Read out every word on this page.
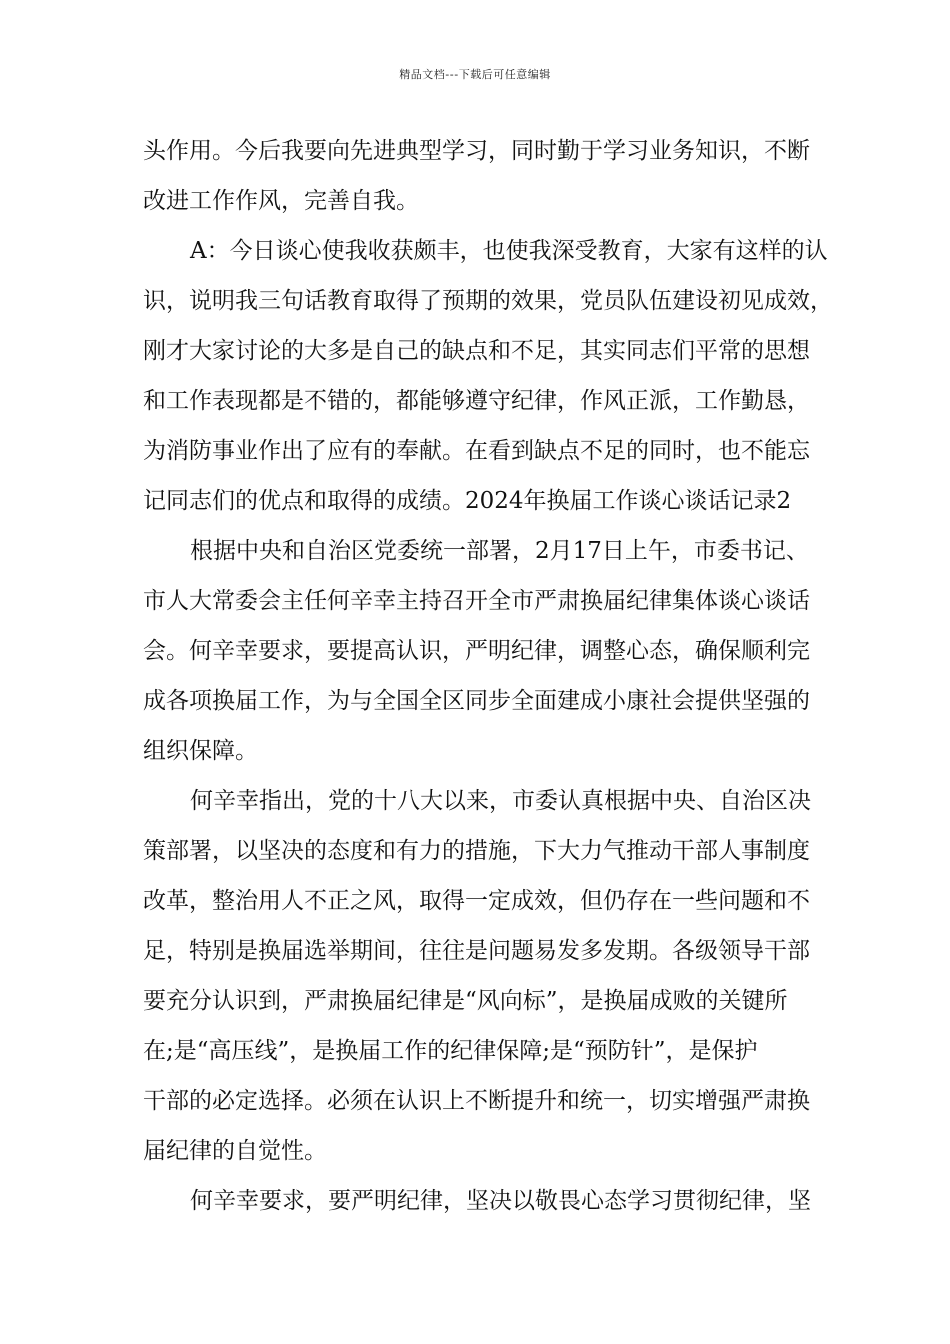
精品文档---下载后可任意编辑
头作用。今后我要向先进典型学习，同时勤于学习业务知识，不断
改进工作作风，完善自我。
A：今日谈心使我收获颇丰，也使我深受教育，大家有这样的认
识，说明我三句话教育取得了预期的效果，党员队伍建设初见成效，
刚才大家讨论的大多是自己的缺点和不足，其实同志们平常的思想
和工作表现都是不错的，都能够遵守纪律，作风正派，工作勤恳，
为消防事业作出了应有的奉献。在看到缺点不足的同时，也不能忘
记同志们的优点和取得的成绩。2024年换届工作谈心谈话记录2
根据中央和自治区党委统一部署，2月17日上午，市委书记、
市人大常委会主任何辛幸主持召开全市严肃换届纪律集体谈心谈话
会。何辛幸要求，要提高认识，严明纪律，调整心态，确保顺利完
成各项换届工作，为与全国全区同步全面建成小康社会提供坚强的
组织保障。
何辛幸指出，党的十八大以来，市委认真根据中央、自治区决
策部署，以坚决的态度和有力的措施，下大力气推动干部人事制度
改革，整治用人不正之风，取得一定成效，但仍存在一些问题和不
足，特别是换届选举期间，往往是问题易发多发期。各级领导干部
要充分认识到，严肃换届纪律是“风向标”，是换届成败的关键所
在;是“高压线”，是换届工作的纪律保障;是“预防针”，是保护
干部的必定选择。必须在认识上不断提升和统一，切实增强严肃换
届纪律的自觉性。
何辛幸要求，要严明纪律，坚决以敬畏心态学习贯彻纪律，坚
